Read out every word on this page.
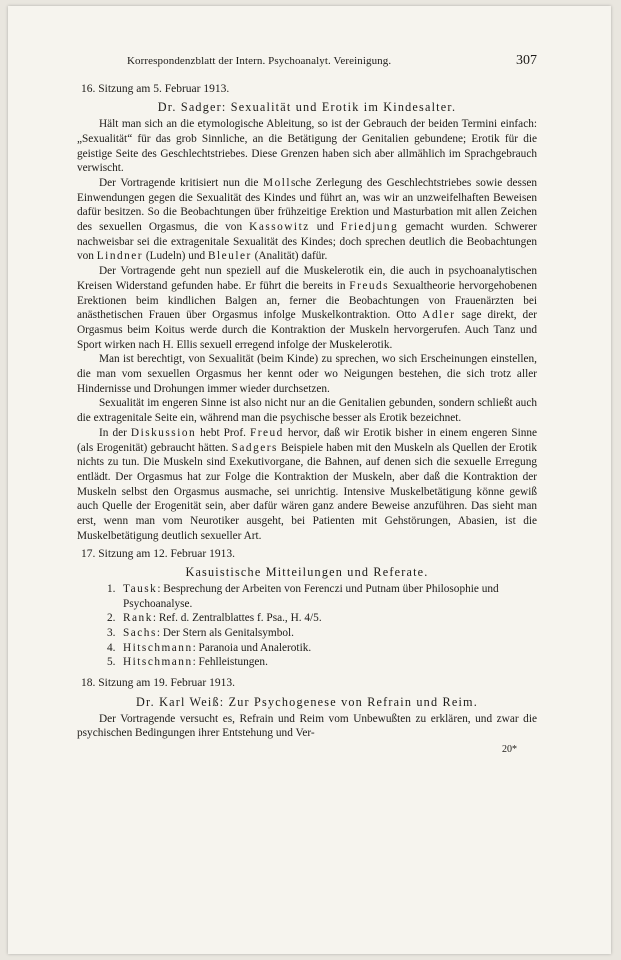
Korrespondenzblatt der Intern. Psychoanalyt. Vereinigung.	307
16. Sitzung am 5. Februar 1913.
Dr. Sadger: Sexualität und Erotik im Kindesalter.

Hält man sich an die etymologische Ableitung, so ist der Gebrauch der beiden Termini einfach: „Sexualität“ für das grob Sinnliche, an die Betätigung der Genitalien gebundene; Erotik für die geistige Seite des Geschlechtstriebes. Diese Grenzen haben sich aber allmählich im Sprachgebrauch verwischt.

Der Vortragende kritisiert nun die Mollsche Zerlegung des Geschlechtstriebes sowie dessen Einwendungen gegen die Sexualität des Kindes und führt an, was wir an unzweifelhaften Beweisen dafür besitzen. So die Beobachtungen über frühzeitige Erektion und Masturbation mit allen Zeichen des sexuellen Orgasmus, die von Kassowitz und Friedjung gemacht wurden. Schwerer nachweisbar sei die extragenitale Sexualität des Kindes; doch sprechen deutlich die Beobachtungen von Lindner (Ludeln) und Bleuler (Analität) dafür.

Der Vortragende geht nun speziell auf die Muskelerotik ein, die auch in psychoanalytischen Kreisen Widerstand gefunden habe. Er führt die bereits in Freuds Sexualtheorie hervorgehobenen Erektionen beim kindlichen Balgen an, ferner die Beobachtungen von Frauenärzten bei anästhetischen Frauen über Orgasmus infolge Muskelkontraktion. Otto Adler sage direkt, der Orgasmus beim Koitus werde durch die Kontraktion der Muskeln hervorgerufen. Auch Tanz und Sport wirken nach H. Ellis sexuell erregend infolge der Muskelerotik.

Man ist berechtigt, von Sexualität (beim Kinde) zu sprechen, wo sich Erscheinungen einstellen, die man vom sexuellen Orgasmus her kennt oder wo Neigungen bestehen, die sich trotz aller Hindernisse und Drohungen immer wieder durchsetzen.

Sexualität im engeren Sinne ist also nicht nur an die Genitalien gebunden, sondern schließt auch die extragenitale Seite ein, während man die psychische besser als Erotik bezeichnet.

In der Diskussion hebt Prof. Freud hervor, daß wir Erotik bisher in einem engeren Sinne (als Erogenität) gebraucht hätten. Sadgers Beispiele haben mit den Muskeln als Quellen der Erotik nichts zu tun. Die Muskeln sind Exekutivorgane, die Bahnen, auf denen sich die sexuelle Erregung entlädt. Der Orgasmus hat zur Folge die Kontraktion der Muskeln, aber daß die Kontraktion der Muskeln selbst den Orgasmus ausmache, sei unrichtig. Intensive Muskelbetätigung könne gewiß auch Quelle der Erogenität sein, aber dafür wären ganz andere Beweise anzuführen. Das sieht man erst, wenn man vom Neurotiker ausgeht, bei Patienten mit Gehstörungen, Abasien, ist die Muskelbetätigung deutlich sexueller Art.

17. Sitzung am 12. Februar 1913.
Kasuistische Mitteilungen und Referate.
1. Tausk: Besprechung der Arbeiten von Ferenczi und Putnam über Philosophie und Psychoanalyse.
2. Rank: Ref. d. Zentralblattes f. Psa., H. 4/5.
3. Sachs: Der Stern als Genitalsymbol.
4. Hitschmann: Paranoia und Analerotik.
5. Hitschmann: Fehlleistungen.
18. Sitzung am 19. Februar 1913.
Dr. Karl Weiß: Zur Psychogenese von Refrain und Reim.

Der Vortragende versucht es, Refrain und Reim vom Unbewußten zu erklären, und zwar die psychischen Bedingungen ihrer Entstehung und Ver-

20*
